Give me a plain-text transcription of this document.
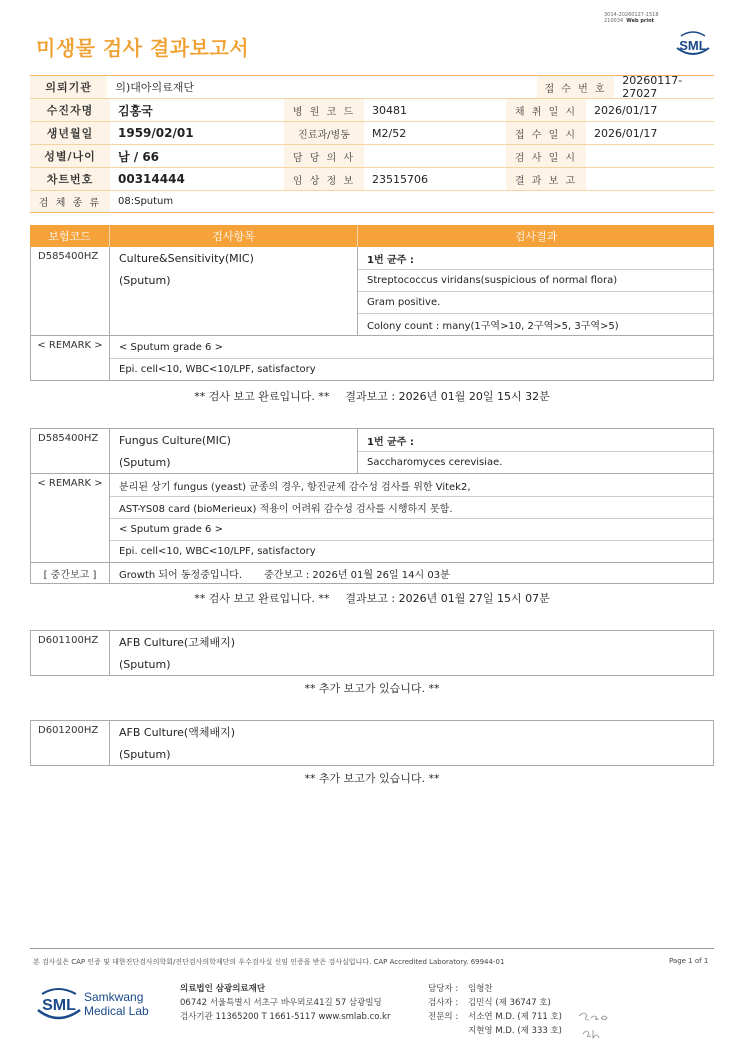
3014-20260127-1518
210034 Web print
미생물 검사 결과보고서	SML
의뢰기관	의)대아의료재단	접 수 번 호
20260117-27027
수진자명	김홍국	병 원 코 드	30481	채 취 일 시	2026/01/17
생년월일	1959/02/01	진료과/병동	M2/52	접 수 일 시	2026/01/17
성별/나이	남 / 66	담 당 의 사	검 사 일 시
차트번호	00314444	임 상 정 보	23515706	결 과 보 고
검 체 종 류	08:Sputum
보험코드	검사항목	검사결과
D585400HZ	Culture&Sensitivity(MIC)
(Sputum)
1번 균주 :
Streptococcus viridans(suspicious of normal flora)
Gram positive.
Colony count : many(1구역>10, 2구역>5, 3구역>5)
< REMARK >	< Sputum grade 6 >
Epi. cell<10, WBC<10/LPF, satisfactory
** 검사 보고 완료입니다. ** 결과보고 : 2026년 01월 20일 15시 32분
D585400HZ	Fungus Culture(MIC)
(Sputum)
1번 균주 :
Saccharomyces cerevisiae.
< REMARK >	분리된 상기 fungus (yeast) 균종의 경우, 항진균제 감수성 검사를 위한 Vitek2,
AST-YS08 card (bioMerieux) 적용이 어려워 감수성 검사를 시행하지 못함.
< Sputum grade 6 >
Epi. cell<10, WBC<10/LPF, satisfactory
[ 중간보고 ]	Growth 되어 동정중입니다. 중간보고 : 2026년 01월 26일 14시 03분
** 검사 보고 완료입니다. ** 결과보고 : 2026년 01월 27일 15시 07분
D601100HZ	AFB Culture(고체배지)
(Sputum)
** 추가 보고가 있습니다. **
D601200HZ	AFB Culture(액체배지)
(Sputum)
** 추가 보고가 있습니다. **
본 검사실은 CAP 인증 및 대한진단검사의학회/진단검사의학재단의 우수검사실 신임 인증을 받은 검사실입니다. CAP Accredited Laboratory. 69944-01	Page 1 of 1
SML Samkwang
Medical Lab
의료법인 삼광의료재단
06742 서울특별시 서초구 바우뫼로41길 57 삼광빌딩
검사기관 11365200 T 1661-5117 www.smlab.co.kr
담당자 :	임형찬
검사자 :	김민식 (제 36747 호)
전문의 :	서소연 M.D. (제 711 호)
지현영 M.D. (제 333 호)
